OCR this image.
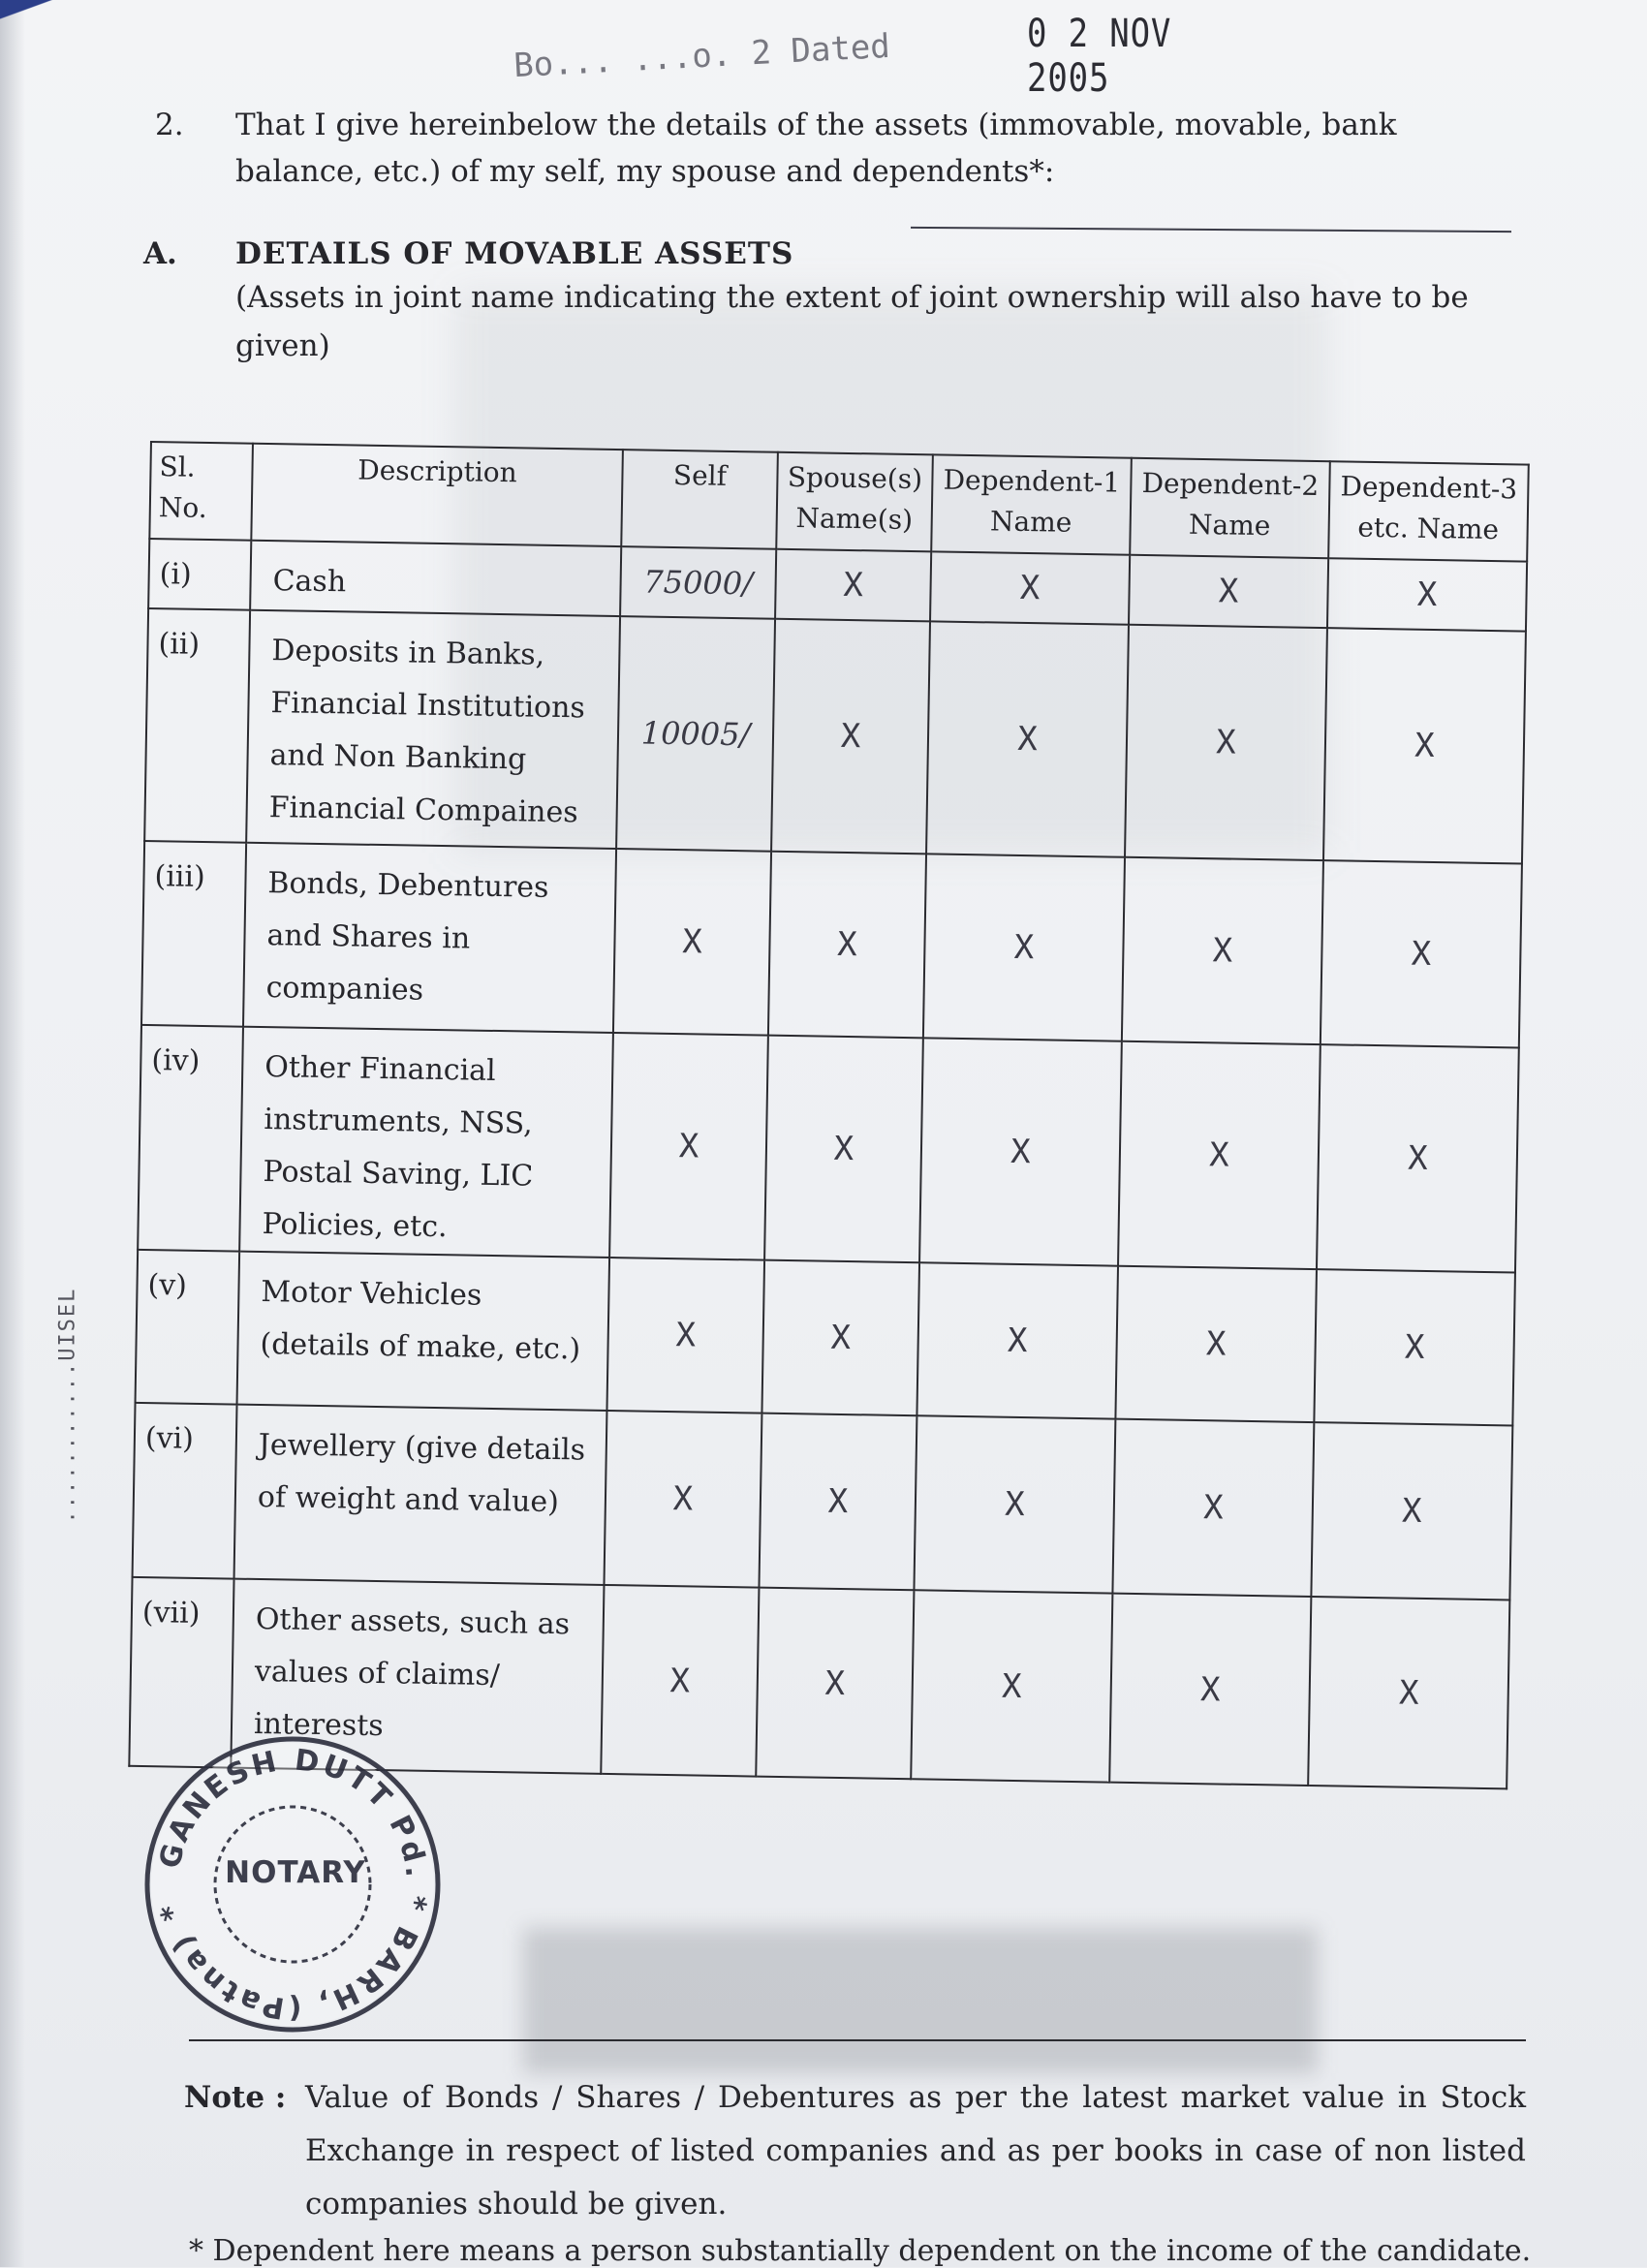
...........UISEL
Bo... ...o. 2 Dated	0 2 NOV 2005
2. That I give hereinbelow the details of the assets (immovable, movable, bank balance, etc.) of my self, my spouse and dependents*:
A. DETAILS OF MOVABLE ASSETS
(Assets in joint name indicating the extent of joint ownership will also have to be given)
Sl. No.	Description	Self	Spouse(s) Name(s)	Dependent-1 Name	Dependent-2 Name	Dependent-3 etc. Name
(i)	Cash	75000/	X	X	X	X
(ii)	Deposits in Banks, Financial Institutions and Non Banking Financial Compaines	10005/	X	X	X	X
(iii)	Bonds, Debentures and Shares in companies	X	X	X	X	X
(iv)	Other Financial instruments, NSS, Postal Saving, LIC Policies, etc.	X	X	X	X	X
(v)	Motor Vehicles (details of make, etc.)	X	X	X	X	X
(vi)	Jewellery (give details of weight and value)	X	X	X	X	X
(vii)	Other assets, such as values of claims/ interests	X	X	X	X	X
GANESH DUTT Pd. * BARH, (Patna) *
NOTARY
Note : Value of Bonds / Shares / Debentures as per the latest market value in Stock Exchange in respect of listed companies and as per books in case of non listed companies should be given.
* Dependent here means a person substantially dependent on the income of the candidate.
